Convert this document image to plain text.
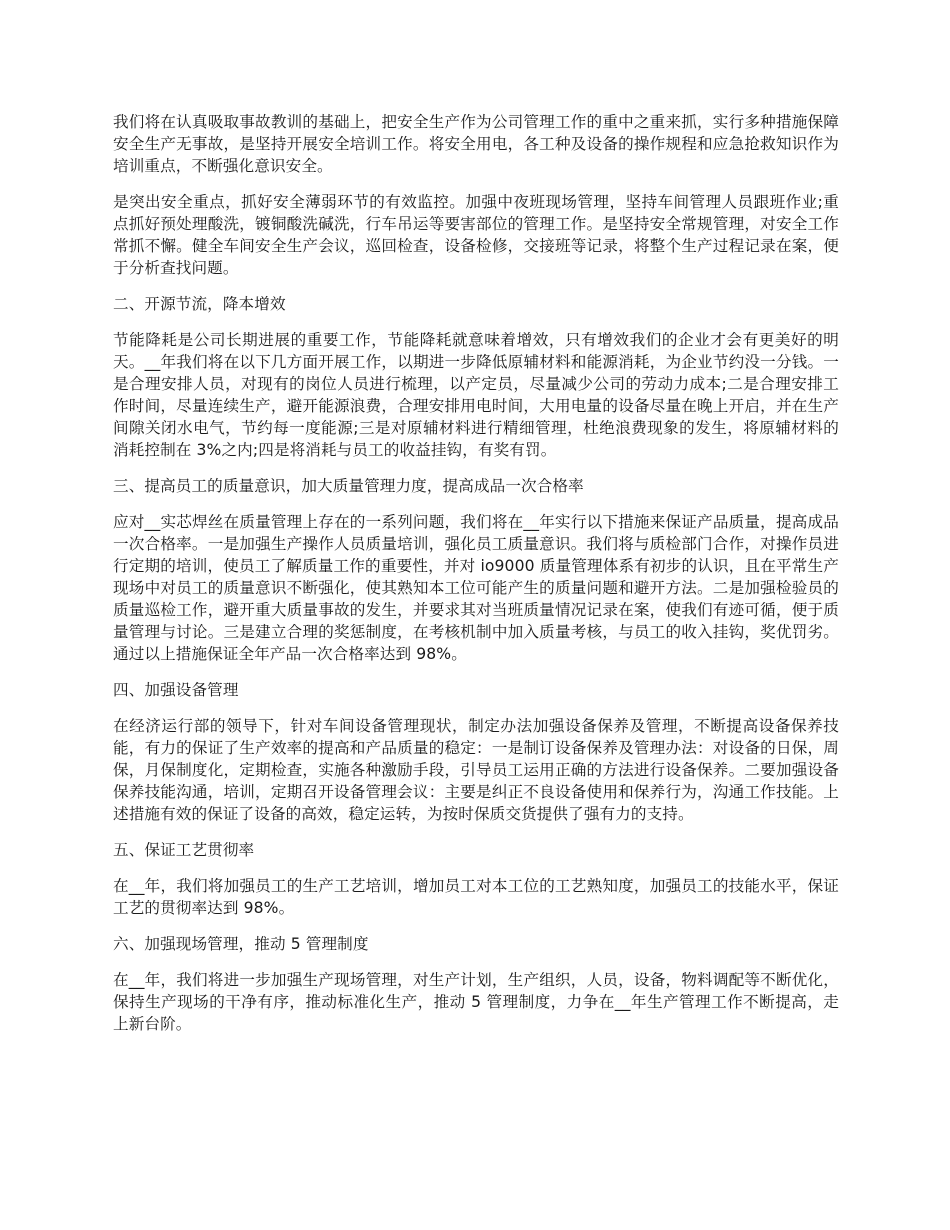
我们将在认真吸取事故教训的基础上，把安全生产作为公司管理工作的重中之重来抓，实行多种措施保障安全生产无事故，是坚持开展安全培训工作。将安全用电，各工种及设备的操作规程和应急抢救知识作为培训重点，不断强化意识安全。

是突出安全重点，抓好安全薄弱环节的有效监控。加强中夜班现场管理，坚持车间管理人员跟班作业;重点抓好预处理酸洗，镀铜酸洗碱洗，行车吊运等要害部位的管理工作。是坚持安全常规管理，对安全工作常抓不懈。健全车间安全生产会议，巡回检查，设备检修，交接班等记录，将整个生产过程记录在案，便于分析查找问题。

二、开源节流，降本增效

节能降耗是公司长期进展的重要工作，节能降耗就意味着增效，只有增效我们的企业才会有更美好的明天。__年我们将在以下几方面开展工作，以期进一步降低原辅材料和能源消耗，为企业节约没一分钱。一是合理安排人员，对现有的岗位人员进行梳理，以产定员，尽量减少公司的劳动力成本;二是合理安排工作时间，尽量连续生产，避开能源浪费，合理安排用电时间，大用电量的设备尽量在晚上开启，并在生产间隙关闭水电气，节约每一度能源;三是对原辅材料进行精细管理，杜绝浪费现象的发生，将原辅材料的消耗控制在 3%之内;四是将消耗与员工的收益挂钩，有奖有罚。

三、提高员工的质量意识，加大质量管理力度，提高成品一次合格率

应对__实芯焊丝在质量管理上存在的一系列问题，我们将在__年实行以下措施来保证产品质量，提高成品一次合格率。一是加强生产操作人员质量培训，强化员工质量意识。我们将与质检部门合作，对操作员进行定期的培训，使员工了解质量工作的重要性，并对 io9000 质量管理体系有初步的认识，且在平常生产现场中对员工的质量意识不断强化，使其熟知本工位可能产生的质量问题和避开方法。二是加强检验员的质量巡检工作，避开重大质量事故的发生，并要求其对当班质量情况记录在案，使我们有迹可循，便于质量管理与讨论。三是建立合理的奖惩制度，在考核机制中加入质量考核，与员工的收入挂钩，奖优罚劣。通过以上措施保证全年产品一次合格率达到 98%。

四、加强设备管理

在经济运行部的领导下，针对车间设备管理现状，制定办法加强设备保养及管理，不断提高设备保养技能，有力的保证了生产效率的提高和产品质量的稳定：一是制订设备保养及管理办法：对设备的日保，周保，月保制度化，定期检查，实施各种激励手段，引导员工运用正确的方法进行设备保养。二要加强设备保养技能沟通，培训，定期召开设备管理会议：主要是纠正不良设备使用和保养行为，沟通工作技能。上述措施有效的保证了设备的高效，稳定运转，为按时保质交货提供了强有力的支持。

五、保证工艺贯彻率

在__年，我们将加强员工的生产工艺培训，增加员工对本工位的工艺熟知度，加强员工的技能水平，保证工艺的贯彻率达到 98%。

六、加强现场管理，推动 5 管理制度

在__年，我们将进一步加强生产现场管理，对生产计划，生产组织，人员，设备，物料调配等不断优化，保持生产现场的干净有序，推动标准化生产，推动 5 管理制度，力争在__年生产管理工作不断提高，走上新台阶。
